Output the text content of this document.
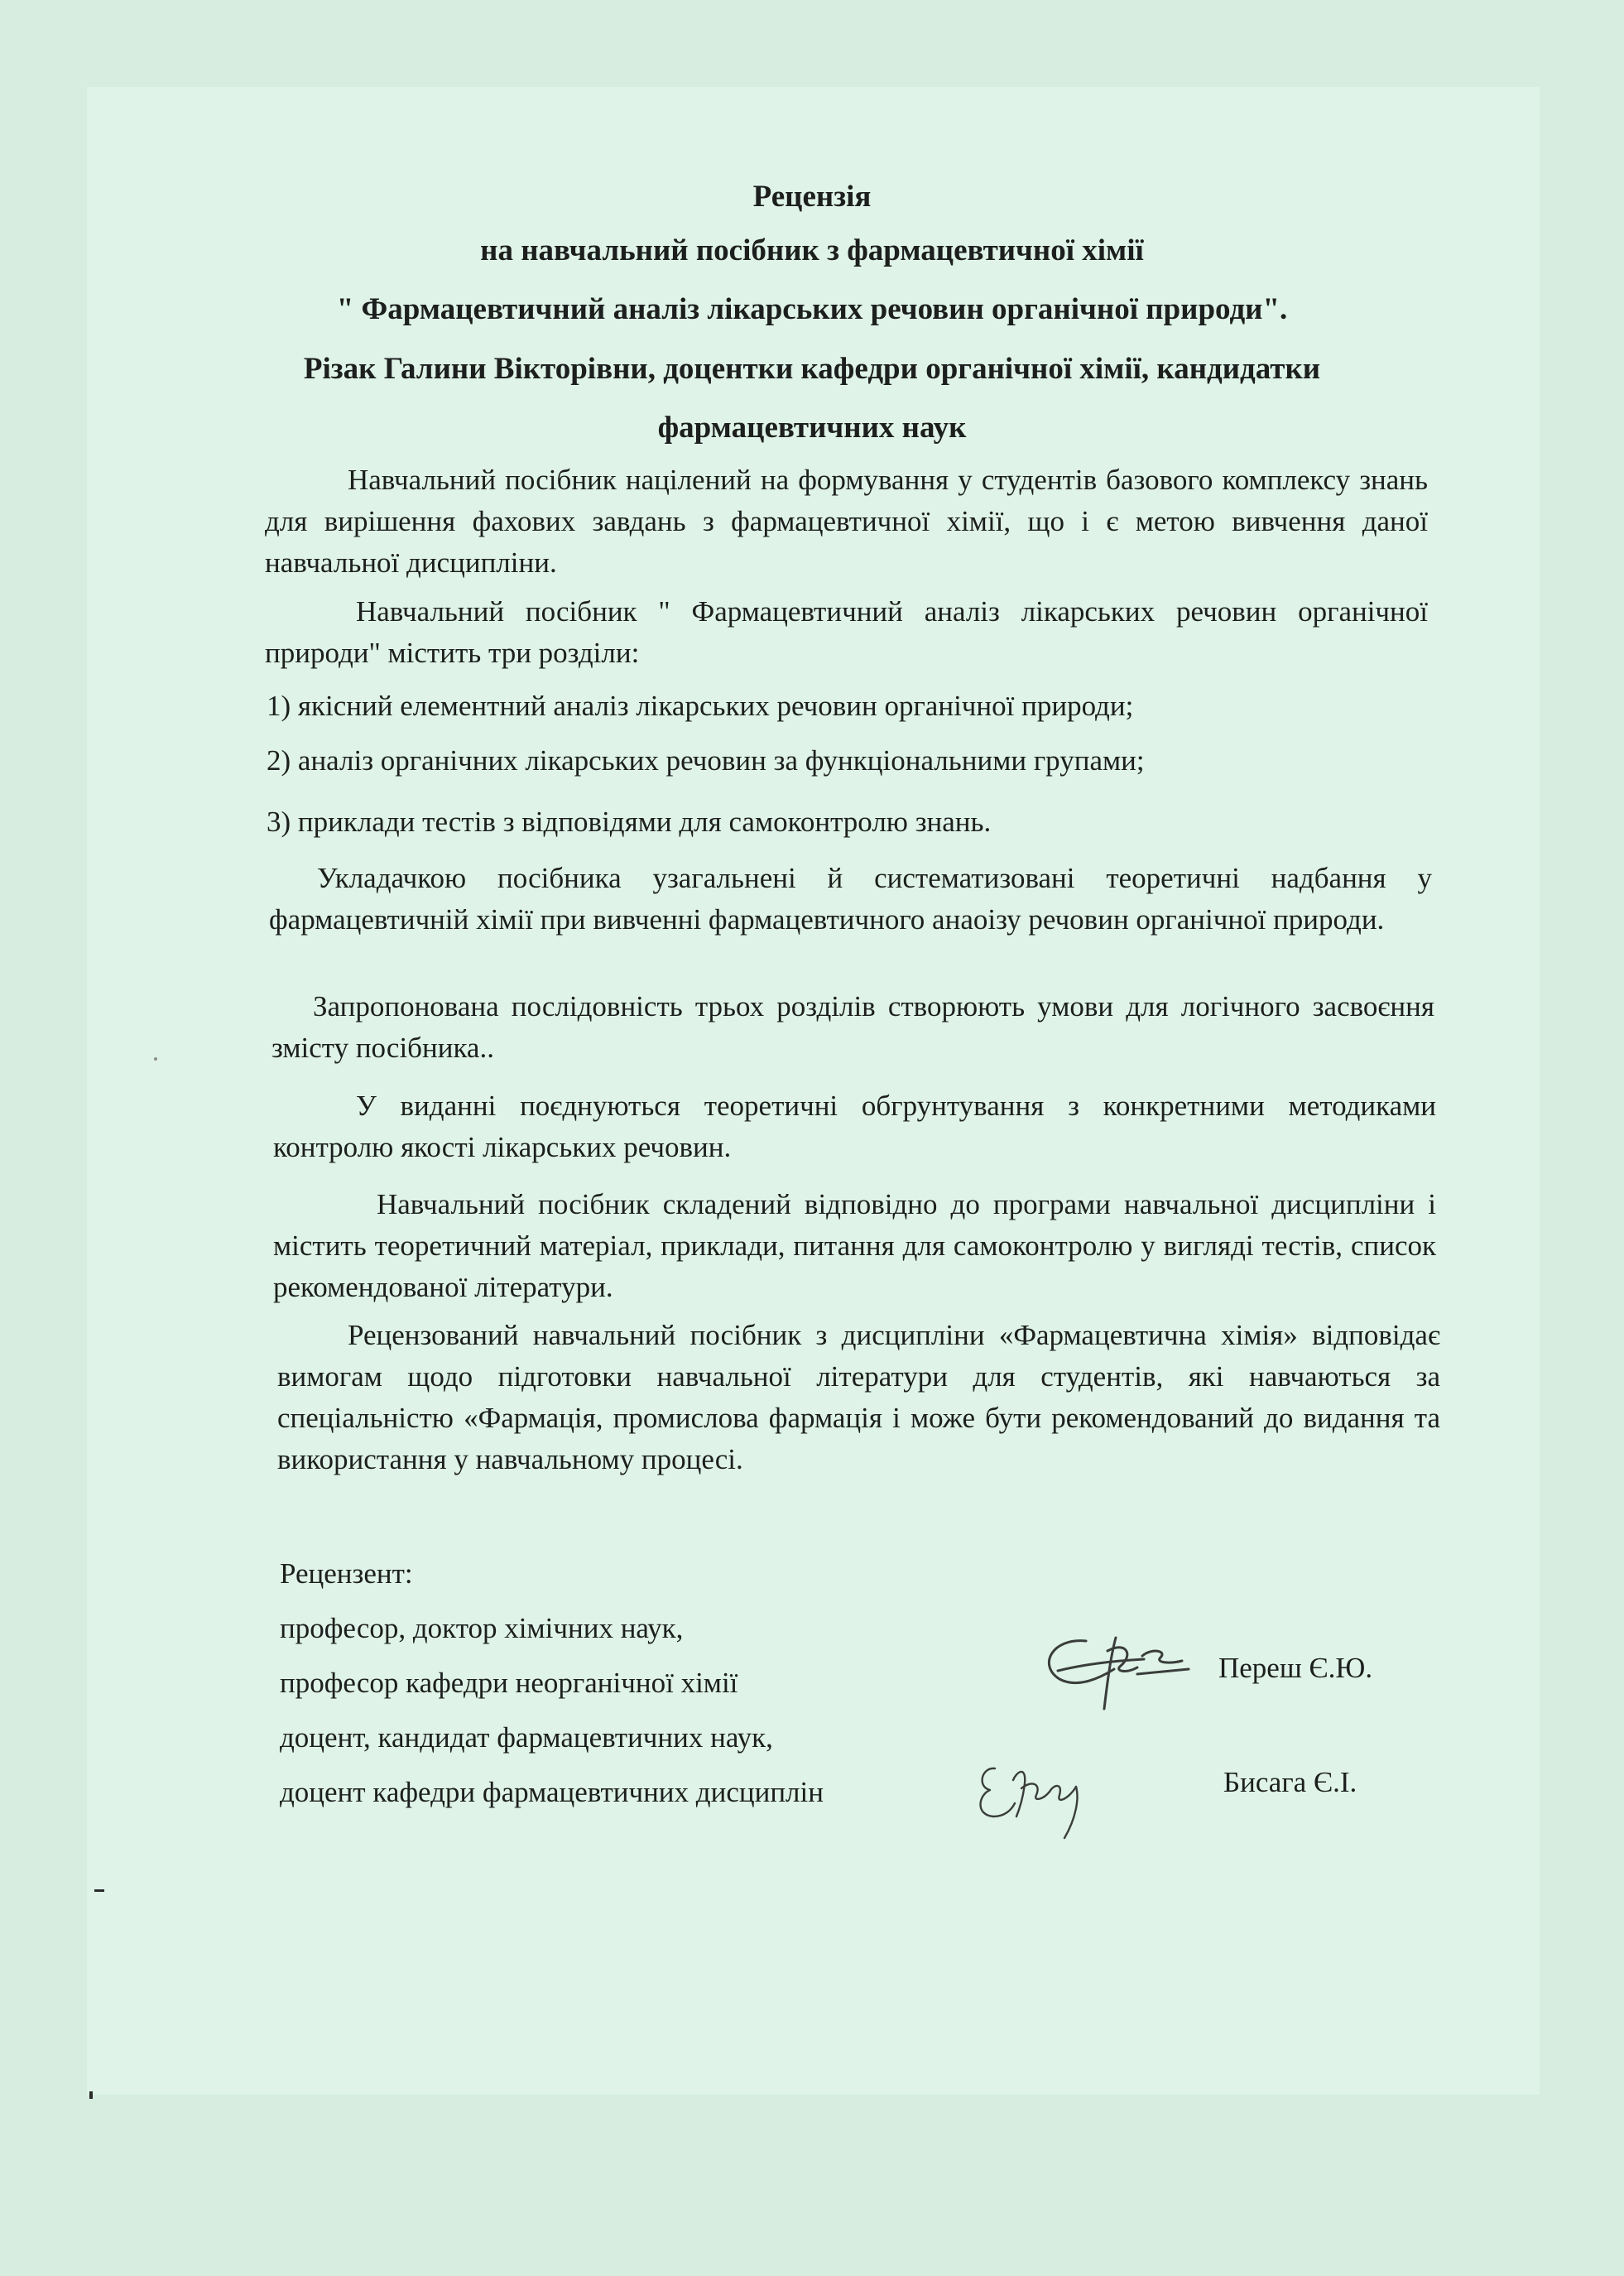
Рецензія
на навчальний посібник з фармацевтичної хімії
" Фармацевтичний аналіз лікарських речовин органічної природи".
Різак Галини Вікторівни, доцентки кафедри органічної хімії, кандидатки
фармацевтичних наук
Навчальний посібник націлений на формування у студентів базового комплексу знань для вирішення фахових завдань з фармацевтичної хімії, що і є метою вивчення даної навчальної дисципліни.
Навчальний посібник " Фармацевтичний аналіз лікарських речовин органічної природи" містить три розділи:
1) якісний елементний аналіз лікарських речовин органічної природи;
2) аналіз органічних лікарських речовин за функціональними групами;
3) приклади тестів з відповідями для самоконтролю знань.
Укладачкою посібника узагальнені й систематизовані теоретичні надбання у фармацевтичній хімії при вивченні фармацевтичного анаоізу речовин органічної природи.
Запропонована послідовність трьох розділів створюють умови для логічного засвоєння змісту посібника..
У виданні поєднуються теоретичні обгрунтування з конкретними методиками контролю якості лікарських речовин.
Навчальний посібник складений відповідно до програми навчальної дисципліни і містить теоретичний матеріал, приклади, питання для самоконтролю у вигляді тестів, список рекомендованої літератури.
Рецензований навчальний посібник з дисципліни «Фармацевтична хімія» відповідає вимогам щодо підготовки навчальної літератури для студентів, які навчаються за спеціальністю «Фармація, промислова фармація і може бути рекомендований до видання та використання у навчальному процесі.
Рецензент:
професор, доктор хімічних наук,
професор кафедри неорганічної хімії	Переш Є.Ю.
доцент, кандидат фармацевтичних наук,
доцент кафедри фармацевтичних дисциплін	Бисага Є.І.
